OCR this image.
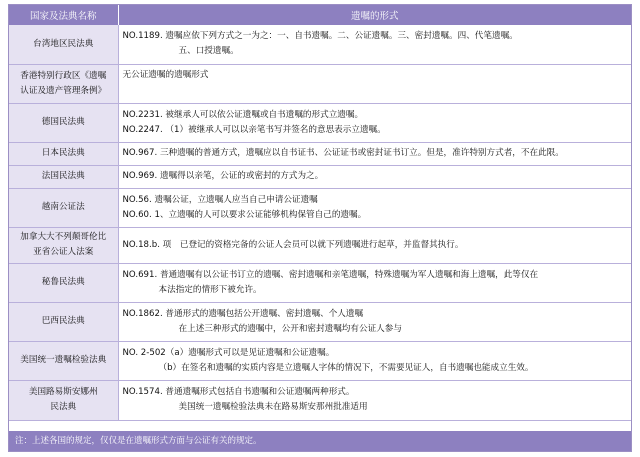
国家及法典名称	遗嘱的形式

台湾地区民法典	NO.1189. 遗嘱应依下列方式之一为之：一、自书遗嘱。二、公证遗嘱。三、密封遗嘱。四、代笔遗嘱。
五、口授遗嘱。

香港特别行政区《遗嘱
认证及遗产管理条例》	无公证遗嘱的遗嘱形式

德国民法典	NO.2231. 被继承人可以依公证遗嘱或自书遗嘱的形式立遗嘱。
NO.2247. （1）被继承人可以以亲笔书写并签名的意思表示立遗嘱。

日本民法典	NO.967. 三种遗嘱的普通方式，遗嘱应以自书证书、公证证书或密封证书订立。但是，准许特别方式者，不在此限。

法国民法典	NO.969. 遗嘱得以亲笔，公证的或密封的方式为之。

越南公证法	NO.56. 遗嘱公证，立遗嘱人应当自己申请公证遗嘱
NO.60. 1、立遗嘱的人可以要求公证能够机构保管自己的遗嘱。

加拿大大不列颠哥伦比
亚省公证人法案	NO.18.b. 项　已登记的资格完备的公证人会员可以就下列遗嘱进行起草，并监督其执行。

秘鲁民法典	NO.691. 普通遗嘱有以公证书订立的遗嘱、密封遗嘱和亲笔遗嘱，特殊遗嘱为军人遗嘱和海上遗嘱，此等仅在
本法指定的情形下被允许。

巴西民法典	NO.1862. 普通形式的遗嘱包括公开遗嘱、密封遗嘱、个人遗嘱
在上述三种形式的遗嘱中，公开和密封遗嘱均有公证人参与

美国统一遗嘱检验法典	NO. 2-502（a）遗嘱形式可以是见证遗嘱和公证遗嘱。
（b）在签名和遗嘱的实质内容是立遗嘱人字体的情况下，不需要见证人，自书遗嘱也能成立生效。

美国路易斯安娜州
民法典	NO.1574. 普通遗嘱形式包括自书遗嘱和公证遗嘱两种形式。
美国统一遗嘱检验法典未在路易斯安那州批准适用
注：上述各国的规定，仅仅是在遗嘱形式方面与公证有关的规定。
